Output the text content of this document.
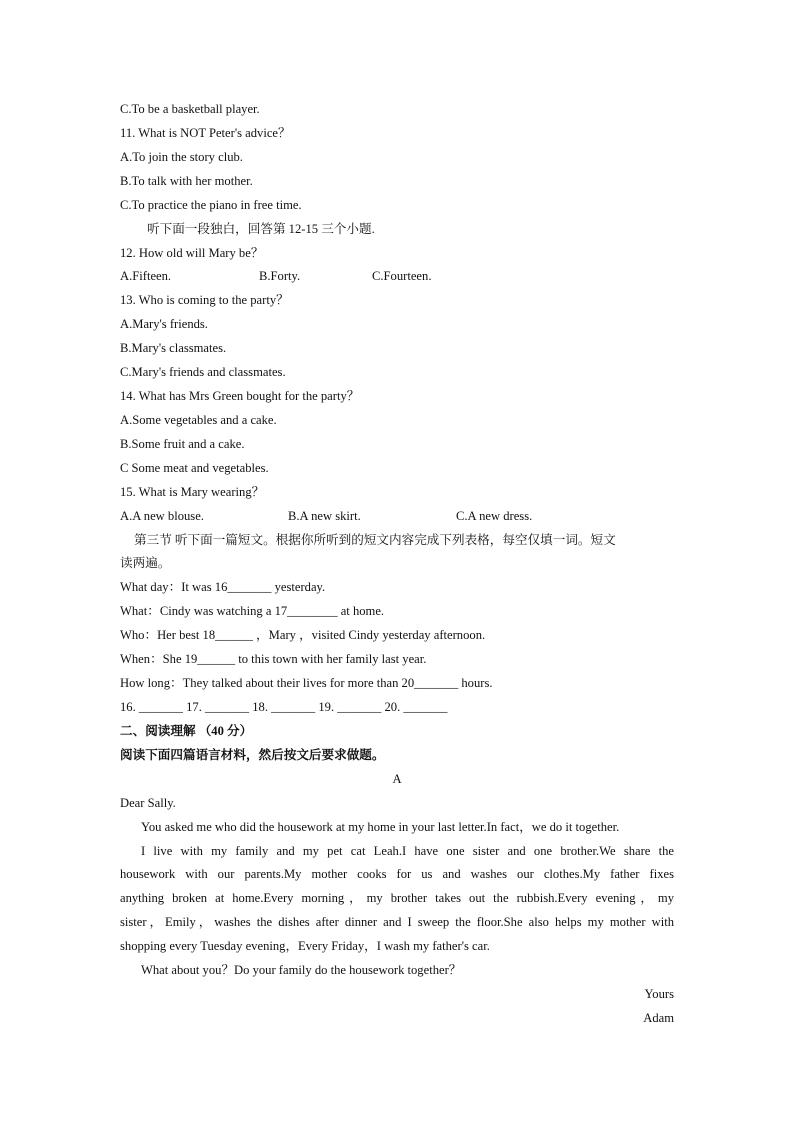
C.To be a basketball player.
11. What is NOT Peter's advice？
A.To join the story club.
B.To talk with her mother.
C.To practice the piano in free time.
听下面一段独白，回答第 12-15 三个小题.
12. How old will Mary be？
A.Fifteen.	B.Forty.	C.Fourteen.
13. Who is coming to the party？
A.Mary's friends.
B.Mary's classmates.
C.Mary's friends and classmates.
14. What has Mrs Green bought for the party？
A.Some vegetables and a cake.
B.Some fruit and a cake.
C Some meat and vegetables.
15. What is Mary wearing？
A.A new blouse.	B.A new skirt.	C.A new dress.
第三节 听下面一篇短文。根据你所听到的短文内容完成下列表格，每空仅填一词。短文
读两遍。
What day：It was 16_______ yesterday.
What：Cindy was watching a 17________ at home.
Who：Her best 18______ ，Mary ，visited Cindy yesterday afternoon.
When：She 19______ to this town with her family last year.
How long：They talked about their lives for more than 20_______ hours.
16. _______ 17. _______ 18. _______ 19. _______ 20. _______
二、阅读理解 （40 分）
阅读下面四篇语言材料，然后按文后要求做题。
A
Dear Sally.
You asked me who did the housework at my home in your last letter.In fact，we do it together.
I live with my family and my pet cat Leah.I have one sister and one brother.We share the
housework with our parents.My mother cooks for us and washes our clothes.My father fixes
anything broken at home.Every morning，my brother takes out the rubbish.Every evening，my
sister，Emily，washes the dishes after dinner and I sweep the floor.She also helps my mother with
shopping every Tuesday evening，Every Friday，I wash my father's car.
What about you？Do your family do the housework together？
Yours
Adam
